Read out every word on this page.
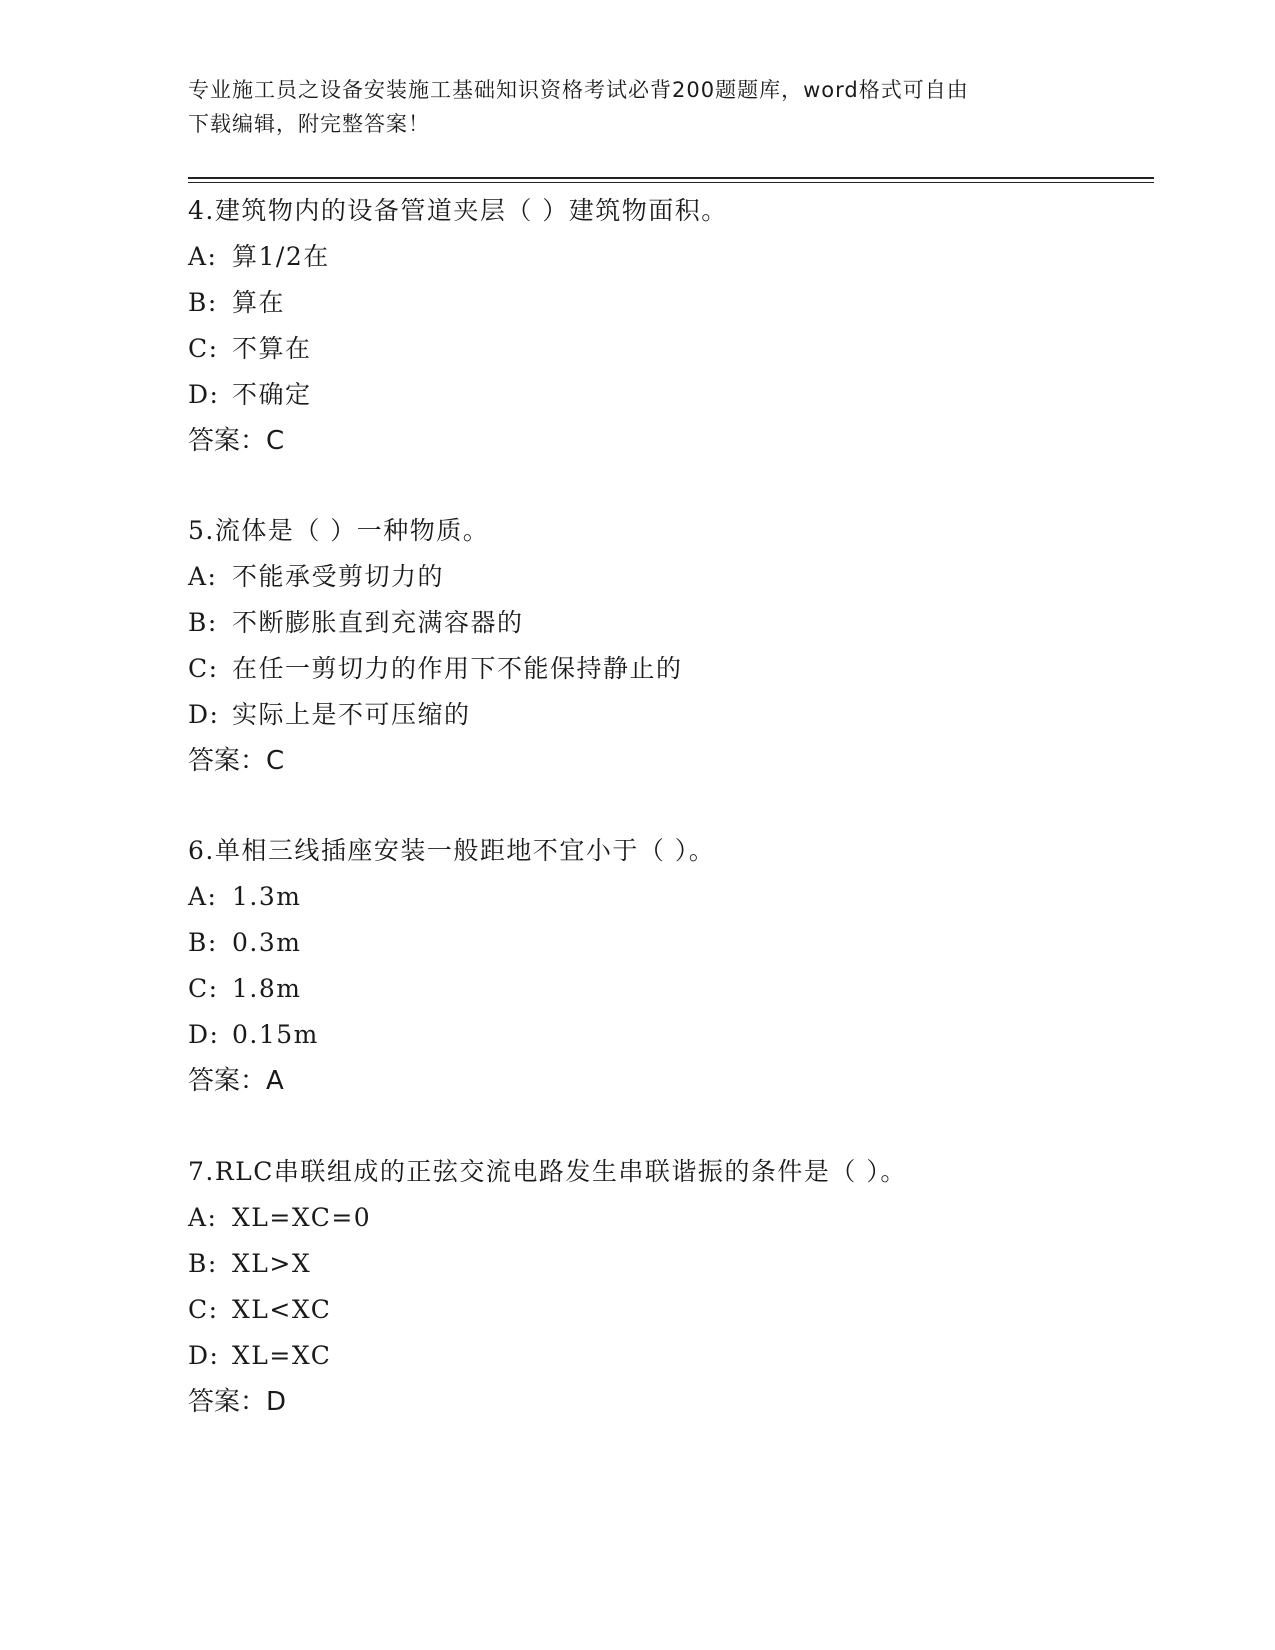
专业施工员之设备安装施工基础知识资格考试必背200题题库，word格式可自由
下载编辑，附完整答案！
4.建筑物内的设备管道夹层（ ）建筑物面积。
A: 算1/2在
B: 算在
C: 不算在
D: 不确定
答案：C
5.流体是（ ）一种物质。
A: 不能承受剪切力的
B: 不断膨胀直到充满容器的
C: 在任一剪切力的作用下不能保持静止的
D: 实际上是不可压缩的
答案：C
6.单相三线插座安装一般距地不宜小于（ ）。
A: 1.3m
B: 0.3m
C: 1.8m
D: 0.15m
答案：A
7.RLC串联组成的正弦交流电路发生串联谐振的条件是（ ）。
A: XL=XC=0
B: XL>X
C: XL<XC
D: XL=XC
答案：D
